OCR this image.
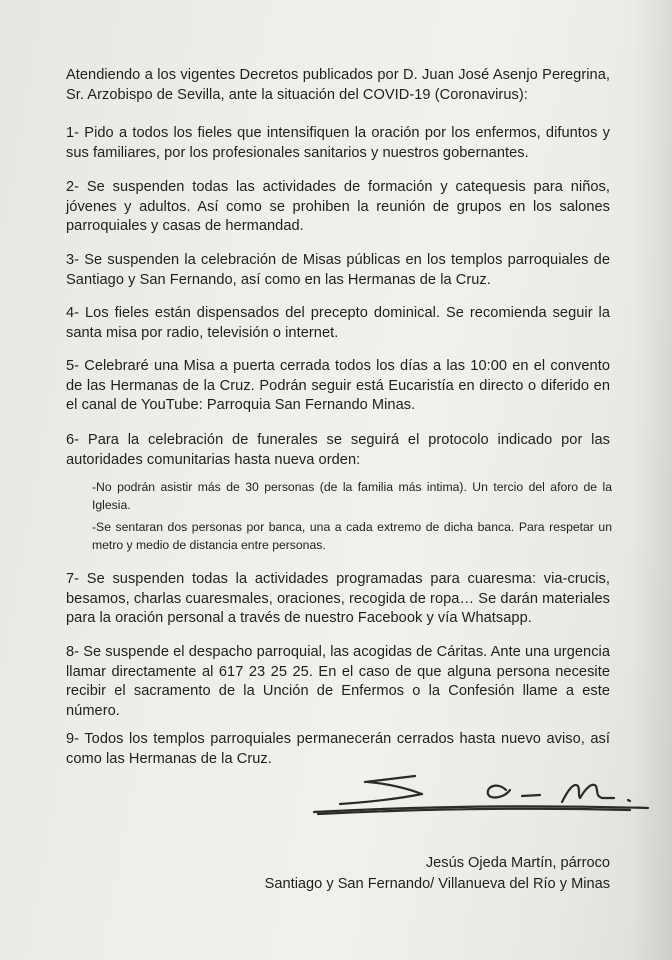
Atendiendo a los vigentes Decretos publicados por D. Juan José Asenjo Peregrina, Sr. Arzobispo de Sevilla, ante la situación del COVID-19 (Coronavirus):

1- Pido a todos los fieles que intensifiquen la oración por los enfermos, difuntos y sus familiares, por los profesionales sanitarios y nuestros gobernantes.

2- Se suspenden todas las actividades de formación y catequesis para niños, jóvenes y adultos. Así como se prohiben la reunión de grupos en los salones parroquiales y casas de hermandad.

3- Se suspenden la celebración de Misas públicas en los templos parroquiales de Santiago y San Fernando, así como en las Hermanas de la Cruz.

4- Los fieles están dispensados del precepto dominical. Se recomienda seguir la santa misa por radio, televisión o internet.

5- Celebraré una Misa a puerta cerrada todos los días a las 10:00 en el convento de las Hermanas de la Cruz. Podrán seguir está Eucaristía en directo o diferido en el canal de YouTube: Parroquia San Fernando Minas.

6- Para la celebración de funerales se seguirá el protocolo indicado por las autoridades comunitarias hasta nueva orden:

-No podrán asistir más de 30 personas (de la familia más intima). Un tercio del aforo de la Iglesia.

-Se sentaran dos personas por banca, una a cada extremo de dicha banca. Para respetar un metro y medio de distancia entre personas.

7- Se suspenden todas la actividades programadas para cuaresma: via-crucis, besamos, charlas cuaresmales, oraciones, recogida de ropa… Se darán materiales para la oración personal a través de nuestro Facebook y vía Whatsapp.

8- Se suspende el despacho parroquial, las acogidas de Cáritas. Ante una urgencia llamar directamente al 617 23 25 25. En el caso de que alguna persona necesite recibir el sacramento de la Unción de Enfermos o la Confesión llame a este número.

9- Todos los templos parroquiales permanecerán cerrados hasta nuevo aviso, así como las Hermanas de la Cruz.

Jesús Ojeda Martín, párroco
Santiago y San Fernando/ Villanueva del Río y Minas
